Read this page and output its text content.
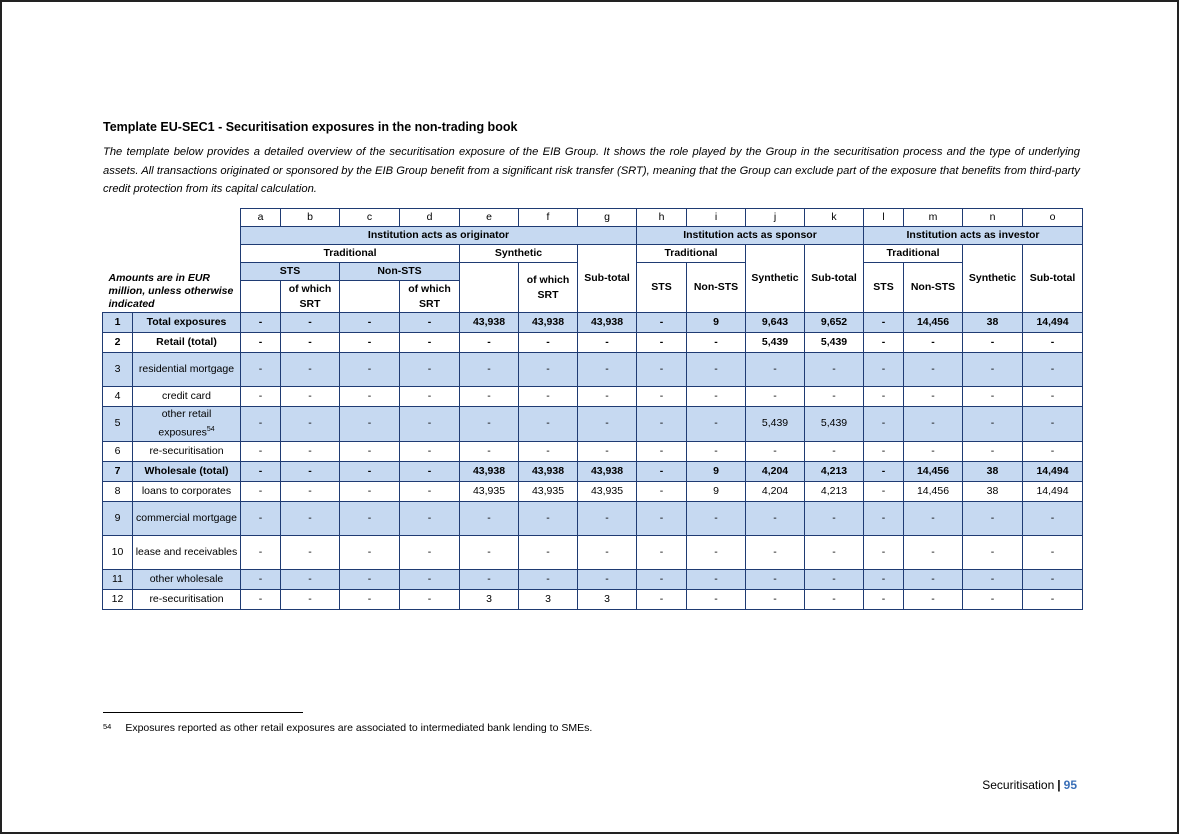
Template EU-SEC1 - Securitisation exposures in the non-trading book
The template below provides a detailed overview of the securitisation exposure of the EIB Group. It shows the role played by the Group in the securitisation process and the type of underlying assets. All transactions originated or sponsored by the EIB Group benefit from a significant risk transfer (SRT), meaning that the Group can exclude part of the exposure that benefits from third-party credit protection from its capital calculation.
		a	b	c	d	e	f	g	h	i	j	k	l	m	n	o
Amounts are in EUR million, unless otherwise indicated		Institution acts as originator							Institution acts as sponsor				Institution acts as investor			
		Traditional				Synthetic		Sub-total	Traditional		Synthetic	Sub-total	Traditional		Synthetic	Sub-total
		STS		Non-STS			of which SRT		STS	Non-STS			STS	Non-STS		
			of which SRT		of which SRT											

1	Total exposures	-	-	-	-	43,938	43,938	43,938	-	9	9,643	9,652	-	14,456	38	14,494
2	Retail (total)	-	-	-	-	-	-	-	-	-	5,439	5,439	-	-	-	-
3	residential mortgage	-	-	-	-	-	-	-	-	-	-	-	-	-	-	-
4	credit card	-	-	-	-	-	-	-	-	-	-	-	-	-	-	-
5	other retail exposures$^{54}$	-	-	-	-	-	-	-	-	-	5,439	5,439	-	-	-	-
6	re-securitisation	-	-	-	-	-	-	-	-	-	-	-	-	-	-	-
7	Wholesale (total)	-	-	-	-	43,938	43,938	43,938	-	9	4,204	4,213	-	14,456	38	14,494
8	loans to corporates	-	-	-	-	43,935	43,935	43,935	-	9	4,204	4,213	-	14,456	38	14,494
9	commercial mortgage	-	-	-	-	-	-	-	-	-	-	-	-	-	-	-
10	lease and receivables	-	-	-	-	-	-	-	-	-	-	-	-	-	-	-
11	other wholesale	-	-	-	-	-	-	-	-	-	-	-	-	-	-	-
12	re-securitisation	-	-	-	-	3	3	3	-	-	-	-	-	-	-	-
$^{54}$ Exposures reported as other retail exposures are associated to intermediated bank lending to SMEs.
Securitisation | 95
